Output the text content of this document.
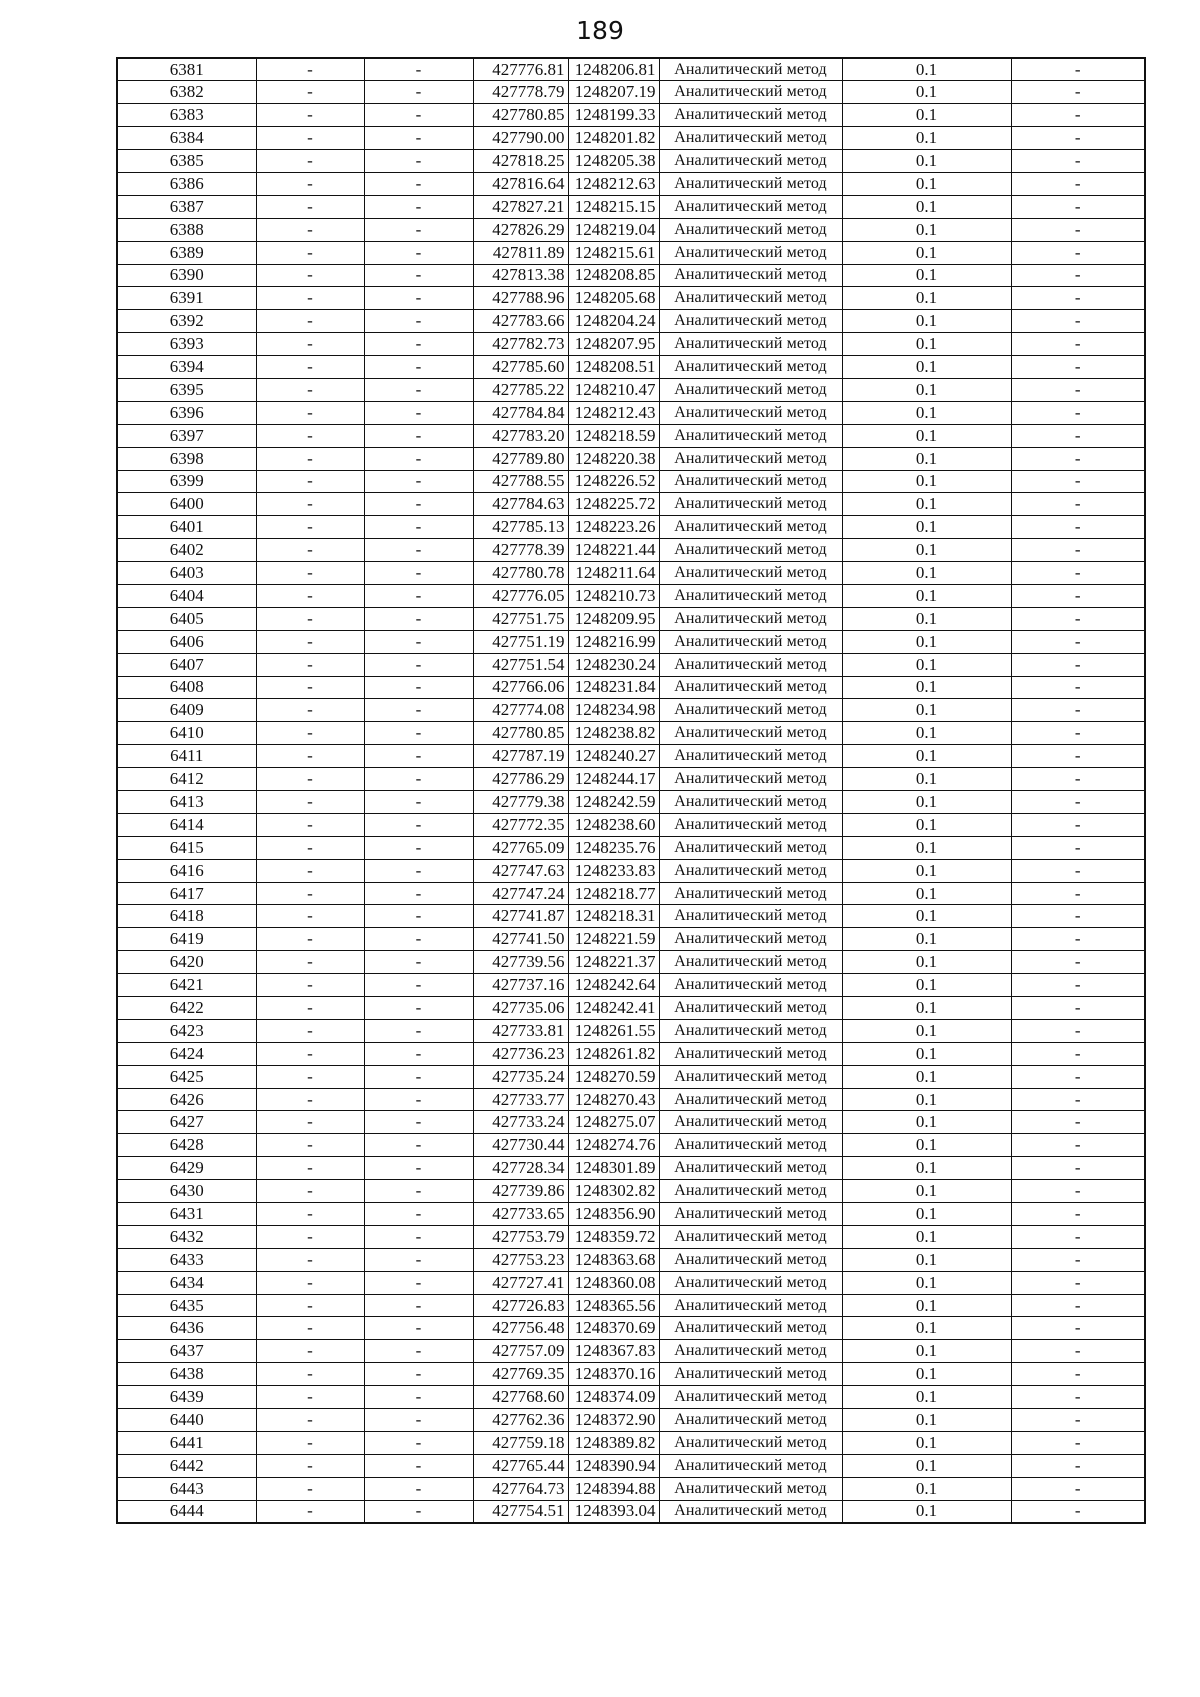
189
6381	-	-	427776.81	1248206.81	Аналитический метод	0.1	-
6382	-	-	427778.79	1248207.19	Аналитический метод	0.1	-
6383	-	-	427780.85	1248199.33	Аналитический метод	0.1	-
6384	-	-	427790.00	1248201.82	Аналитический метод	0.1	-
6385	-	-	427818.25	1248205.38	Аналитический метод	0.1	-
6386	-	-	427816.64	1248212.63	Аналитический метод	0.1	-
6387	-	-	427827.21	1248215.15	Аналитический метод	0.1	-
6388	-	-	427826.29	1248219.04	Аналитический метод	0.1	-
6389	-	-	427811.89	1248215.61	Аналитический метод	0.1	-
6390	-	-	427813.38	1248208.85	Аналитический метод	0.1	-
6391	-	-	427788.96	1248205.68	Аналитический метод	0.1	-
6392	-	-	427783.66	1248204.24	Аналитический метод	0.1	-
6393	-	-	427782.73	1248207.95	Аналитический метод	0.1	-
6394	-	-	427785.60	1248208.51	Аналитический метод	0.1	-
6395	-	-	427785.22	1248210.47	Аналитический метод	0.1	-
6396	-	-	427784.84	1248212.43	Аналитический метод	0.1	-
6397	-	-	427783.20	1248218.59	Аналитический метод	0.1	-
6398	-	-	427789.80	1248220.38	Аналитический метод	0.1	-
6399	-	-	427788.55	1248226.52	Аналитический метод	0.1	-
6400	-	-	427784.63	1248225.72	Аналитический метод	0.1	-
6401	-	-	427785.13	1248223.26	Аналитический метод	0.1	-
6402	-	-	427778.39	1248221.44	Аналитический метод	0.1	-
6403	-	-	427780.78	1248211.64	Аналитический метод	0.1	-
6404	-	-	427776.05	1248210.73	Аналитический метод	0.1	-
6405	-	-	427751.75	1248209.95	Аналитический метод	0.1	-
6406	-	-	427751.19	1248216.99	Аналитический метод	0.1	-
6407	-	-	427751.54	1248230.24	Аналитический метод	0.1	-
6408	-	-	427766.06	1248231.84	Аналитический метод	0.1	-
6409	-	-	427774.08	1248234.98	Аналитический метод	0.1	-
6410	-	-	427780.85	1248238.82	Аналитический метод	0.1	-
6411	-	-	427787.19	1248240.27	Аналитический метод	0.1	-
6412	-	-	427786.29	1248244.17	Аналитический метод	0.1	-
6413	-	-	427779.38	1248242.59	Аналитический метод	0.1	-
6414	-	-	427772.35	1248238.60	Аналитический метод	0.1	-
6415	-	-	427765.09	1248235.76	Аналитический метод	0.1	-
6416	-	-	427747.63	1248233.83	Аналитический метод	0.1	-
6417	-	-	427747.24	1248218.77	Аналитический метод	0.1	-
6418	-	-	427741.87	1248218.31	Аналитический метод	0.1	-
6419	-	-	427741.50	1248221.59	Аналитический метод	0.1	-
6420	-	-	427739.56	1248221.37	Аналитический метод	0.1	-
6421	-	-	427737.16	1248242.64	Аналитический метод	0.1	-
6422	-	-	427735.06	1248242.41	Аналитический метод	0.1	-
6423	-	-	427733.81	1248261.55	Аналитический метод	0.1	-
6424	-	-	427736.23	1248261.82	Аналитический метод	0.1	-
6425	-	-	427735.24	1248270.59	Аналитический метод	0.1	-
6426	-	-	427733.77	1248270.43	Аналитический метод	0.1	-
6427	-	-	427733.24	1248275.07	Аналитический метод	0.1	-
6428	-	-	427730.44	1248274.76	Аналитический метод	0.1	-
6429	-	-	427728.34	1248301.89	Аналитический метод	0.1	-
6430	-	-	427739.86	1248302.82	Аналитический метод	0.1	-
6431	-	-	427733.65	1248356.90	Аналитический метод	0.1	-
6432	-	-	427753.79	1248359.72	Аналитический метод	0.1	-
6433	-	-	427753.23	1248363.68	Аналитический метод	0.1	-
6434	-	-	427727.41	1248360.08	Аналитический метод	0.1	-
6435	-	-	427726.83	1248365.56	Аналитический метод	0.1	-
6436	-	-	427756.48	1248370.69	Аналитический метод	0.1	-
6437	-	-	427757.09	1248367.83	Аналитический метод	0.1	-
6438	-	-	427769.35	1248370.16	Аналитический метод	0.1	-
6439	-	-	427768.60	1248374.09	Аналитический метод	0.1	-
6440	-	-	427762.36	1248372.90	Аналитический метод	0.1	-
6441	-	-	427759.18	1248389.82	Аналитический метод	0.1	-
6442	-	-	427765.44	1248390.94	Аналитический метод	0.1	-
6443	-	-	427764.73	1248394.88	Аналитический метод	0.1	-
6444	-	-	427754.51	1248393.04	Аналитический метод	0.1	-
